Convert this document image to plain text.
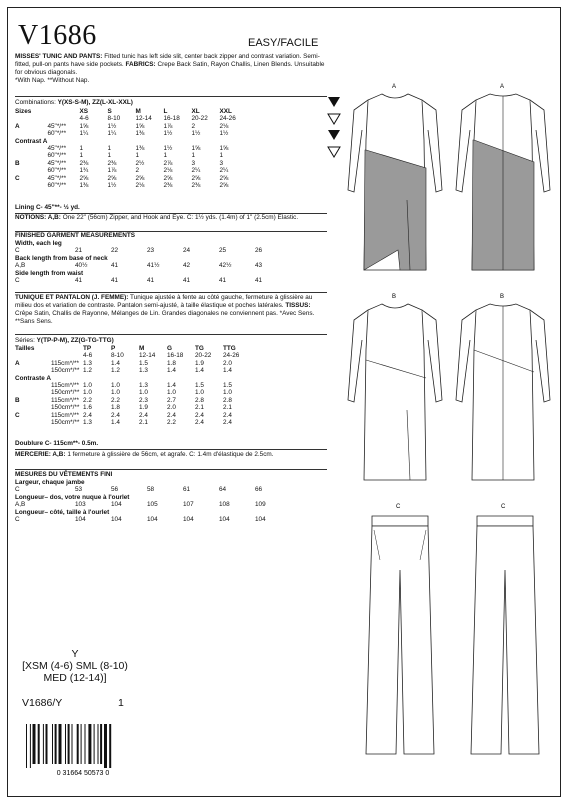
V1686	EASY/FACILE
MISSES' TUNIC AND PANTS: Fitted tunic has left side slit, center back zipper and contrast variation. Semi-fitted, pull-on pants have side pockets. FABRICS: Crepe Back Satin, Rayon Challis, Linen Blends. Unsuitable for obvious diagonals.
*With Nap. **Without Nap.
Combinations: Y(XS-S-M), ZZ(L-XL-XXL)
Sizes		XS	S	M	L	XL	XXL
		4-6	8-10	12-14	16-18	20-22	24-26
A	45"*/**	1⅝	1½	1⅝	1⅞	2	2⅛
	60"*/**	1¼	1¼	1⅜	1½	1½	1½
Contrast A							
	45"*/**	1	1	1⅜	1½	1⅝	1⅝
	60"*/**	1	1	1	1	1	1
B	45"*/**	2⅜	2⅜	2½	2⅞	3	3
	60"*/**	1¾	1⅞	2	2⅛	2¼	2¼
C	45"*/**	2⅝	2⅝	2⅝	2⅝	2⅝	2⅝
	60"*/**	1⅜	1½	2⅛	2⅜	2⅜	2⅝
Lining C- 45"**- ½ yd.
NOTIONS: A,B: One 22" (56cm) Zipper, and Hook and Eye. C: 1½ yds. (1.4m) of 1" (2.5cm) Elastic.
FINISHED GARMENT MEASUREMENTS
Width, each leg						
C	21	22	23	24	25	26
Back length from base of neck						
A,B	40½	41	41½	42	42½	43
Side length from waist						
C	41	41	41	41	41	41
TUNIQUE ET PANTALON (J. FEMME): Tunique ajustée à fente au côté gauche, fermeture à glissière au milieu dos et variation de contraste. Pantalon semi-ajusté, à taille élastique et poches latérales. TISSUS: Crêpe Satin, Challis de Rayonne, Mélanges de Lin. Grandes diagonales ne conviennent pas. *Avec Sens. **Sans Sens.
Séries: Y(TP-P-M), ZZ(G-TG-TTG)
Tailles		TP	P	M	G	TG	TTG
		4-6	8-10	12-14	16-18	20-22	24-26
A	115cm*/**	1.3	1.4	1.5	1.8	1.9	2.0
	150cm*/**	1.2	1.2	1.3	1.4	1.4	1.4
Contraste A							
	115cm*/**	1.0	1.0	1.3	1.4	1.5	1.5
	150cm*/**	1.0	1.0	1.0	1.0	1.0	1.0
B	115cm*/**	2.2	2.2	2.3	2.7	2.8	2.8
	150cm*/**	1.6	1.8	1.9	2.0	2.1	2.1
C	115cm*/**	2.4	2.4	2.4	2.4	2.4	2.4
	150cm*/**	1.3	1.4	2.1	2.2	2.4	2.4
Doublure C- 115cm**- 0.5m.
MERCERIE: A,B: 1 fermeture à glissière de 56cm, et agrafe. C: 1.4m d'élastique de 2.5cm.
MESURES DU VÊTEMENTS FINI
Largeur, chaque jambe						
C	53	56	58	61	64	66
Longueur– dos, votre nuque à l'ourlet						
A,B	103	104	105	107	108	109
Longueur– côté, taille à l'ourlet						
C	104	104	104	104	104	104
A	A
B	B
C	C
Y
[XSM (4-6) SML (8-10)
MED (12-14)]
V1686/Y	1
0 31664 50573 0
